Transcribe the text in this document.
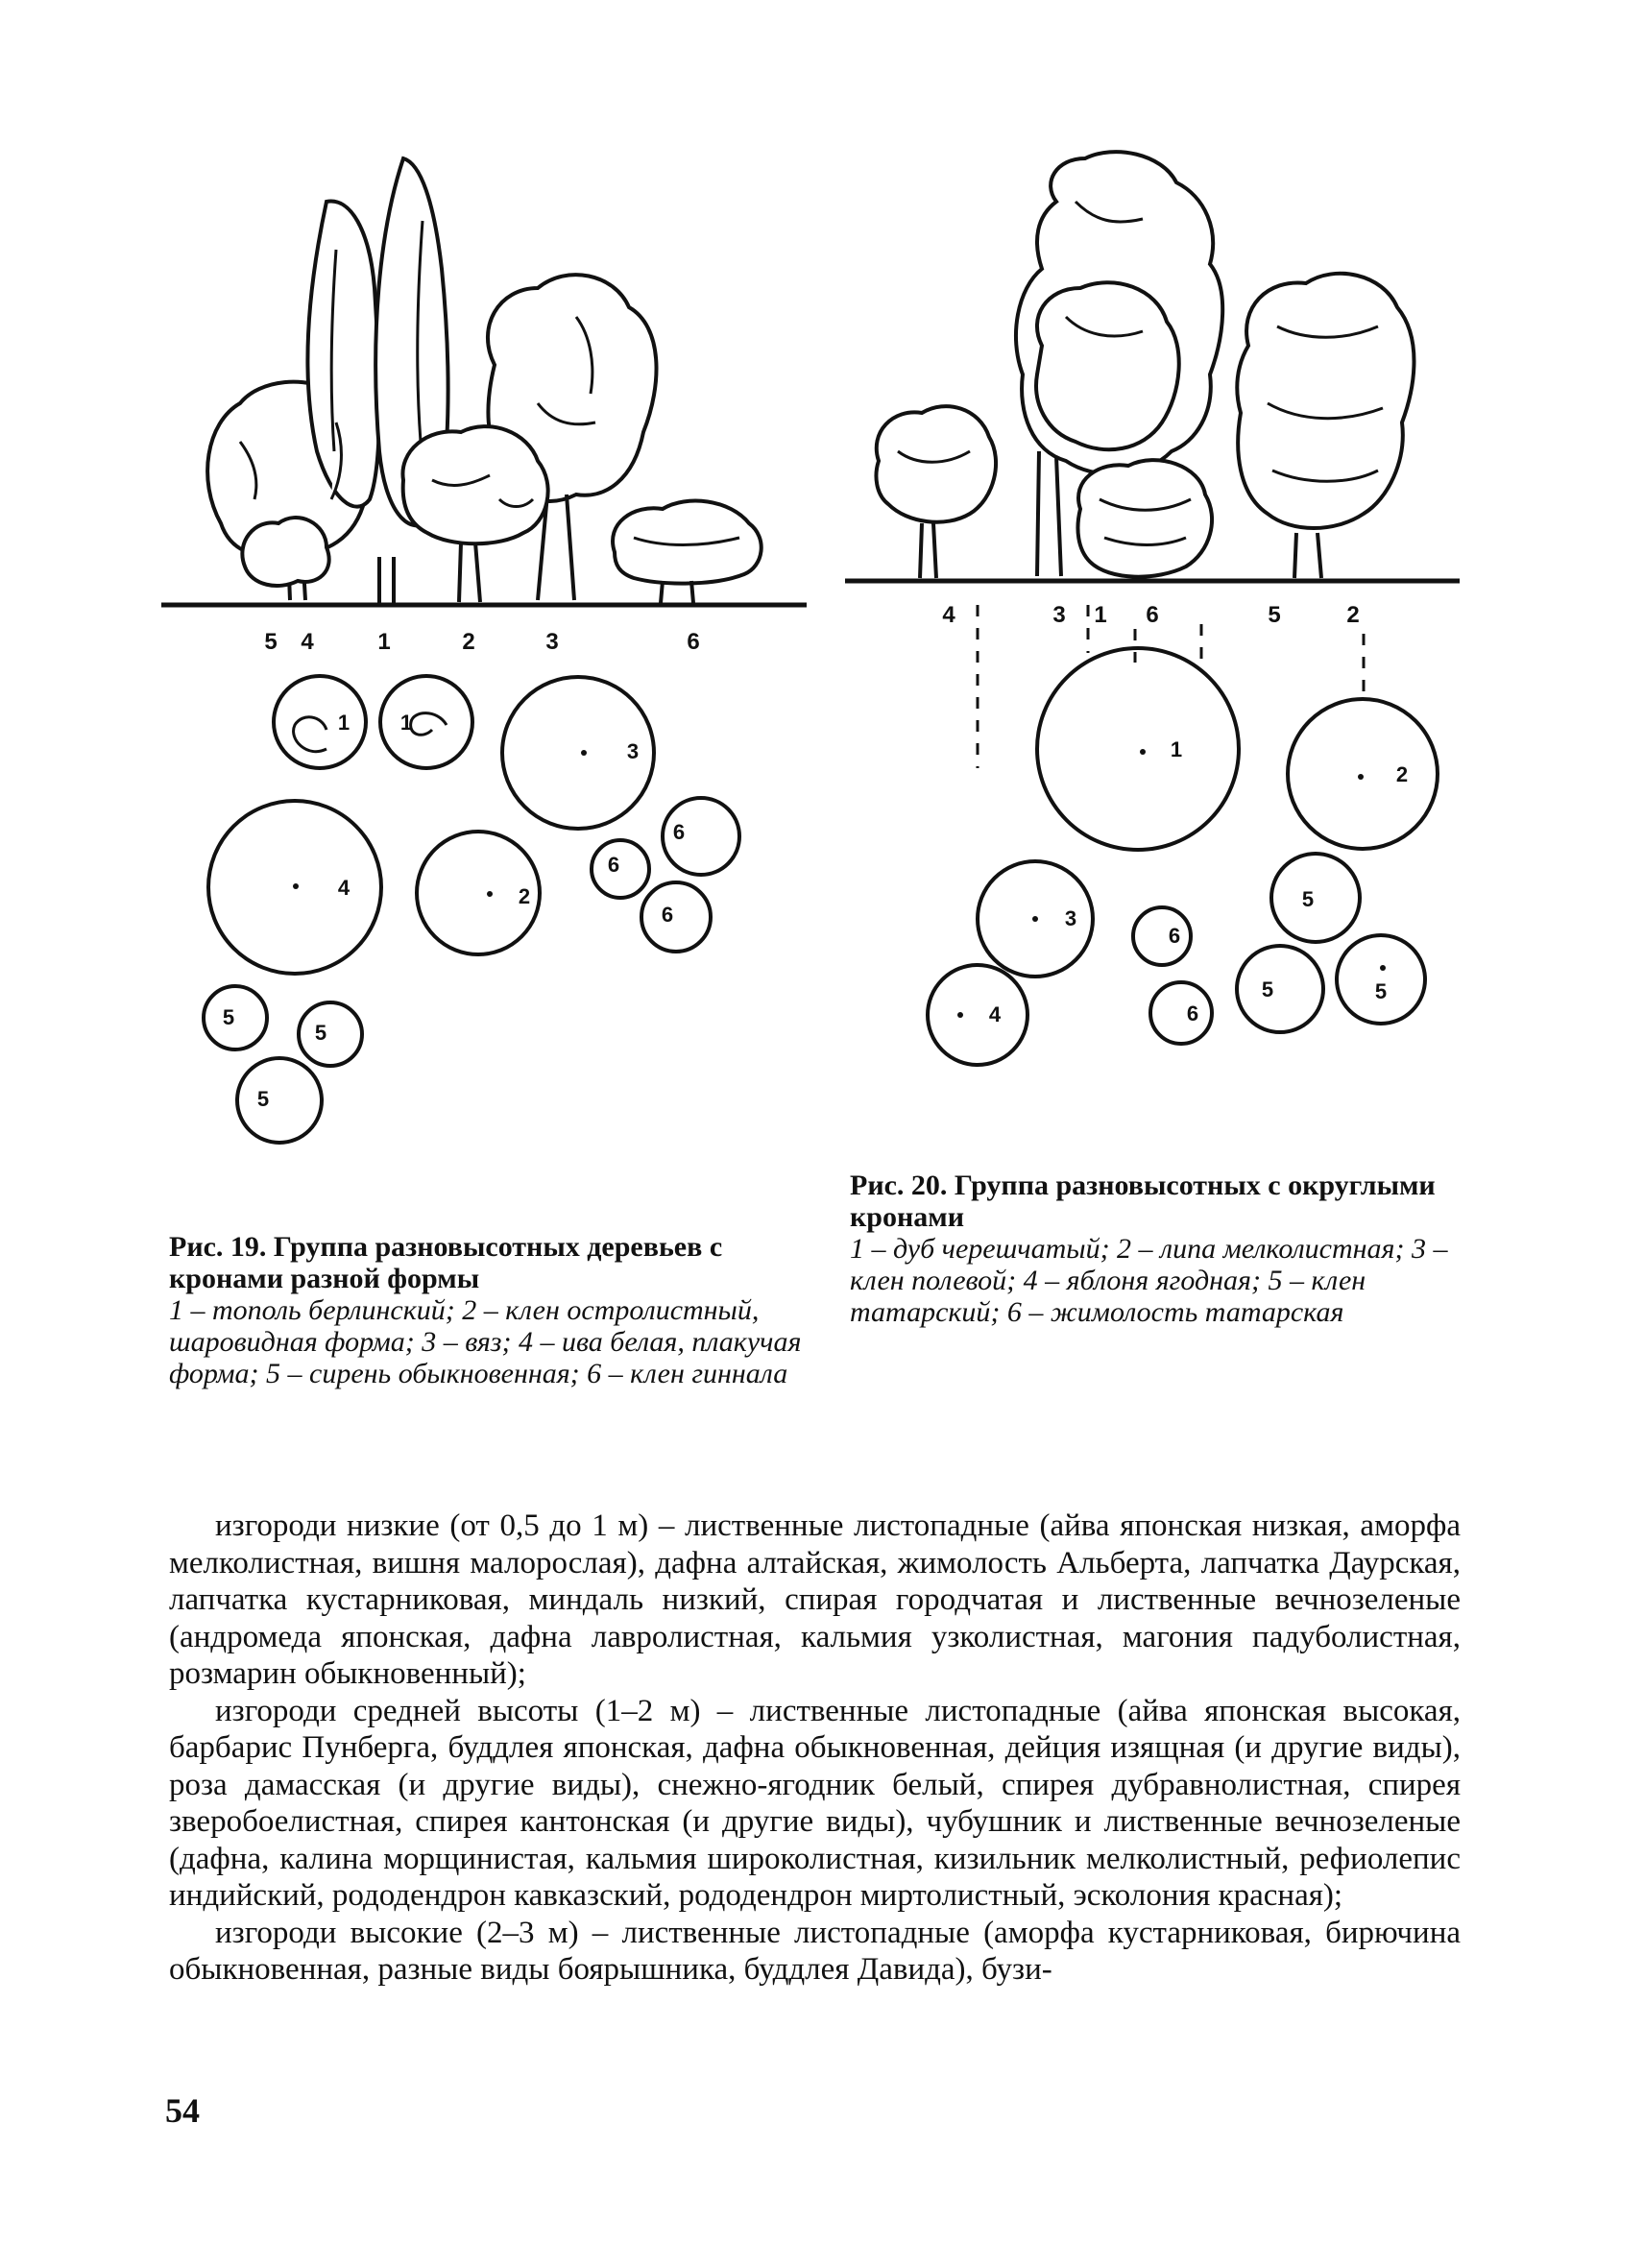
5 4	1	2	3	6
1 1
3
6
6
6
4	2
5
5
5
4	3 1 6	5	2
1
2
3
6
6
4
5
5	5
Рис. 19. Группа разновысотных деревьев с кронами разной формы
1 – тополь берлинский; 2 – клен остролистный, шаровидная форма; 3 – вяз; 4 – ива белая, плакучая форма; 5 – сирень обыкновенная; 6 – клен гиннала
Рис. 20. Группа разновысотных с округлыми кронами
1 – дуб черешчатый; 2 – липа мелколистная; 3 – клен полевой; 4 – яблоня ягодная; 5 – клен татарский; 6 – жимолость татарская

изгороди низкие (от 0,5 до 1 м) – лиственные листопадные (айва японская низкая, аморфа мелколистная, вишня малорослая), дафна алтайская, жимолость Альберта, лапчатка Даурская, лапчатка кустарниковая, миндаль низкий, спирая городчатая и лиственные вечнозеленые (андромеда японская, дафна лавролистная, кальмия узколистная, магония падуболистная, розмарин обыкновенный);

изгороди средней высоты (1–2 м) – лиственные листопадные (айва японская высокая, барбарис Пунберга, буддлея японская, дафна обыкновенная, дейция изящная (и другие виды), роза дамасская (и другие виды), снежно-ягодник белый, спирея дубравнолистная, спирея зверобоелистная, спирея кантонская (и другие виды), чубушник и лиственные вечнозеленые (дафна, калина морщинистая, кальмия широколистная, кизильник мелколистный, рефиолепис индийский, рододендрон кавказский, рододендрон миртолистный, эсколония красная);

изгороди высокие (2–3 м) – лиственные листопадные (аморфа кустарниковая, бирючина обыкновенная, разные виды боярышника, буддлея Давида), бузи-

54
